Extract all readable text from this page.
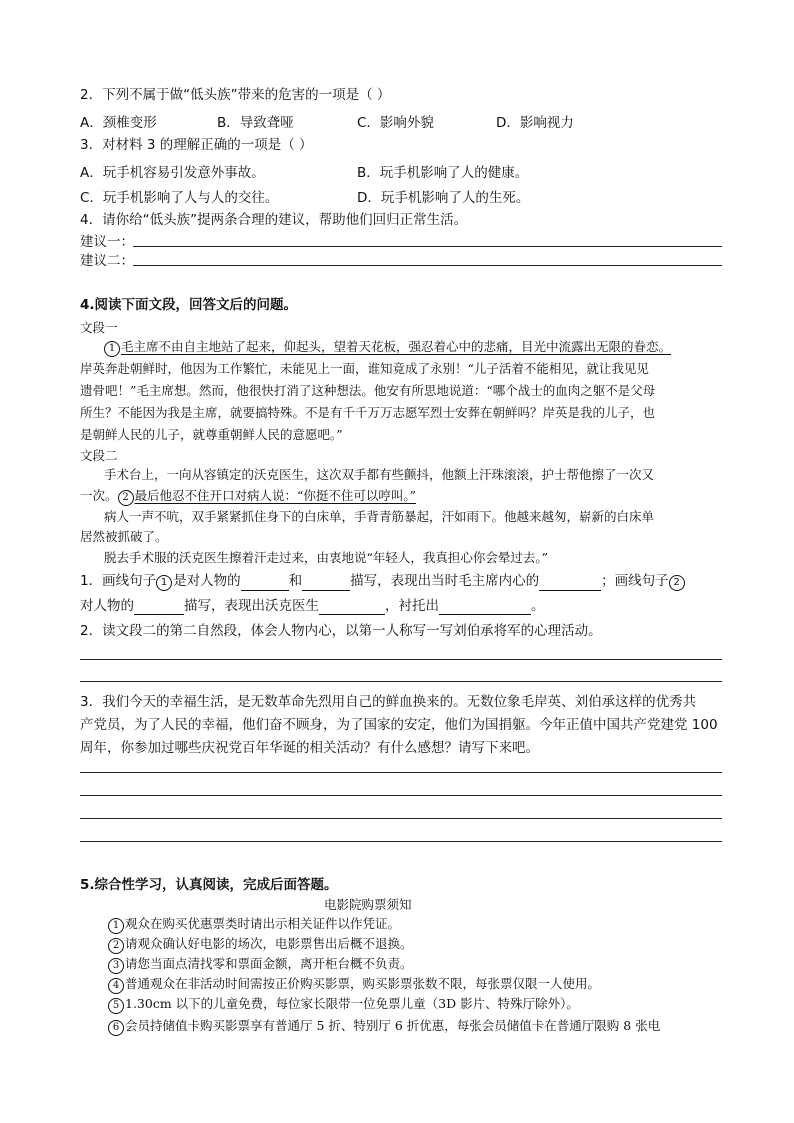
2．下列不属于做“低头族”带来的危害的一项是（ ）
A．颈椎变形	B．导致聋哑	C．影响外貌	D．影响视力
3．对材料 3 的理解正确的一项是（ ）
A．玩手机容易引发意外事故。	B．玩手机影响了人的健康。
C．玩手机影响了人与人的交往。	D．玩手机影响了人的生死。
4．请你给“低头族”提两条合理的建议，帮助他们回归正常生活。
建议一：
建议二：
4.阅读下面文段，回答文后的问题。
文段一
1 毛主席不由自主地站了起来，仰起头，望着天花板，强忍着心中的悲痛，目光中流露出无限的眷恋。
岸英奔赴朝鲜时，他因为工作繁忙，未能见上一面，谁知竟成了永别！“儿子活着不能相见，就让我见见
遗骨吧！”毛主席想。然而，他很快打消了这种想法。他安有所思地说道：“哪个战士的血肉之躯不是父母
所生？不能因为我是主席，就要搞特殊。不是有千千万万志愿军烈士安葬在朝鲜吗？岸英是我的儿子，也
是朝鲜人民的儿子，就尊重朝鲜人民的意愿吧。”
文段二
手术台上，一向从容镇定的沃克医生，这次双手都有些颤抖，他额上汗珠滚滚，护士帮他擦了一次又
一次。 2 最后他忍不住开口对病人说：“你挺不住可以哼叫。”
病人一声不吭，双手紧紧抓住身下的白床单，手背青筋暴起，汗如雨下。他越来越匆，崭新的白床单
居然被抓破了。
脱去手术服的沃克医生擦着汗走过来，由衷地说“年轻人，我真担心你会晕过去。”
1．画线句子 1 是对人物的	和	描写，表现出当时毛主席内心的	；画线句子 2
对人物的	描写，表现出沃克医生	，衬托出	。
2．读文段二的第二自然段，体会人物内心，以第一人称写一写刘伯承将军的心理活动。
3．我们今天的幸福生活，是无数革命先烈用自己的鲜血换来的。无数位象毛岸英、刘伯承这样的优秀共
产党员，为了人民的幸福，他们奋不顾身，为了国家的安定，他们为国捐躯。今年正值中国共产党建党 100
周年，你参加过哪些庆祝党百年华诞的相关活动？有什么感想？请写下来吧。
5.综合性学习，认真阅读，完成后面答题。
电影院购票须知
1 观众在购买优惠票类时请出示相关证件以作凭证。
2 请观众确认好电影的场次，电影票售出后概不退换。
3 请您当面点清找零和票面金额，离开柜台概不负责。
4 普通观众在非活动时间需按正价购买影票，购买影票张数不限，每张票仅限一人使用。
5 1.30cm 以下的儿童免费，每位家长限带一位免票儿童（3D 影片、特殊厅除外）。
6 会员持储值卡购买影票享有普通厅 5 折、特别厅 6 折优惠，每张会员储值卡在普通厅限购 8 张电
